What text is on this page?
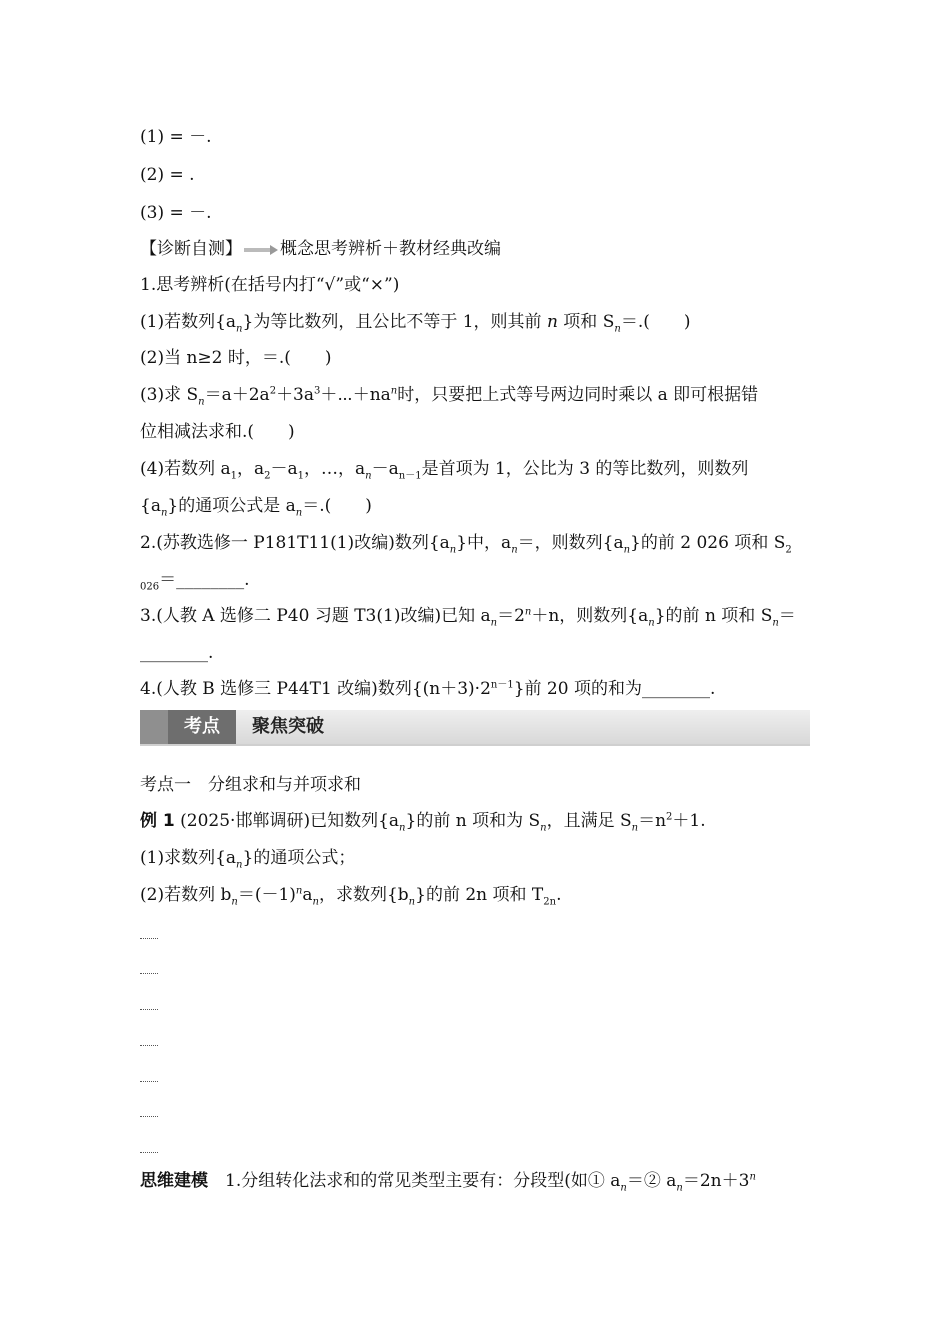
(1) = －.
(2) = .
(3) = －.
【诊断自测】 概念思考辨析＋教材经典改编
1.思考辨析(在括号内打“√”或“×”)
(1)若数列$\{a_n\}$为等比数列，且公比不等于 1，则其前 n 项和 $S_n=$.(　　)
(2)当 n≥2 时，＝.(　　)
(3)求 $S_n=a+2a^2+3a^3+\cdots+na^n$时，只要把上式等号两边同时乘以 a 即可根据错
位相减法求和.(　　)
(4)若数列 $a_1$，$a_2-a_1$，…，$a_n-a_{n-1}$是首项为 1，公比为 3 的等比数列，则数列
$\{a_n\}$的通项公式是 $a_n=$.(　　)
2.(苏教选修一 P181T11(1)改编)数列$\{a_n\}$中，$a_n=$，则数列$\{a_n\}$的前 2 026 项和 $S_2$
$_{026}$＝________.
3.(人教 A 选修二 P40 习题 T3(1)改编)已知 $a_n=2^n+n$，则数列$\{a_n\}$的前 n 项和 $S_n=$
________.
4.(人教 B 选修三 P44T1 改编)数列$\{(n+3)\cdot 2^{n-1}\}$前 20 项的和为________.
考点	聚焦突破
考点一　分组求和与并项求和
例 1 (2025·邯郸调研)已知数列$\{a_n\}$的前 n 项和为 $S_n$，且满足 $S_n=n^2+1$.
(1)求数列$\{a_n\}$的通项公式；
(2)若数列 $b_n=(-1)^na_n$，求数列$\{b_n\}$的前 2n 项和 $T_{2n}$.
思维建模　1.分组转化法求和的常见类型主要有：分段型(如① $a_n=②$ $a_n=2n+3^n$
